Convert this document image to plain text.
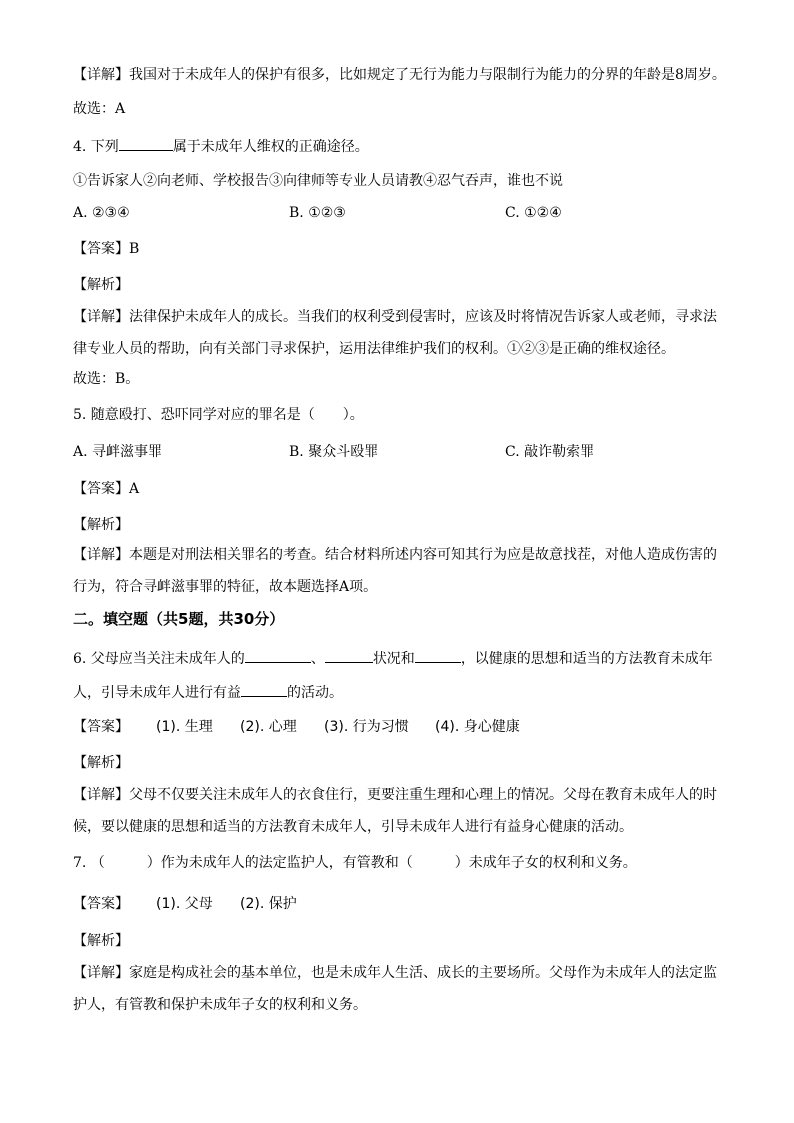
【详解】我国对于未成年人的保护有很多，比如规定了无行为能力与限制行为能力的分界的年龄是8周岁。
故选：A
4. 下列	属于未成年人维权的正确途径。
①告诉家人②向老师、学校报告③向律师等专业人员请教④忍气吞声，谁也不说
A. ②③④	B. ①②③	C. ①②④
【答案】B
【解析】
【详解】法律保护未成年人的成长。当我们的权利受到侵害时，应该及时将情况告诉家人或老师，寻求法
律专业人员的帮助，向有关部门寻求保护，运用法律维护我们的权利。①②③是正确的维权途径。
故选：B。
5. 随意殴打、恐吓同学对应的罪名是（　　）。
A. 寻衅滋事罪	B. 聚众斗殴罪	C. 敲诈勒索罪
【答案】A
【解析】
【详解】本题是对刑法相关罪名的考查。结合材料所述内容可知其行为应是故意找茬，对他人造成伤害的
行为，符合寻衅滋事罪的特征，故本题选择A项。
二。填空题（共5题，共30分）
6. 父母应当关注未成年人的	、	状况和	，以健康的思想和适当的方法教育未成年
人，引导未成年人进行有益	的活动。
【答案】 (1). 生理 (2). 心理 (3). 行为习惯 (4). 身心健康
【解析】
【详解】父母不仅要关注未成年人的衣食住行，更要注重生理和心理上的情况。父母在教育未成年人的时
候，要以健康的思想和适当的方法教育未成年人，引导未成年人进行有益身心健康的活动。
7. （　　　）作为未成年人的法定监护人，有管教和（　　　）未成年子女的权利和义务。
【答案】 (1). 父母 (2). 保护
【解析】
【详解】家庭是构成社会的基本单位，也是未成年人生活、成长的主要场所。父母作为未成年人的法定监
护人，有管教和保护未成年子女的权利和义务。
